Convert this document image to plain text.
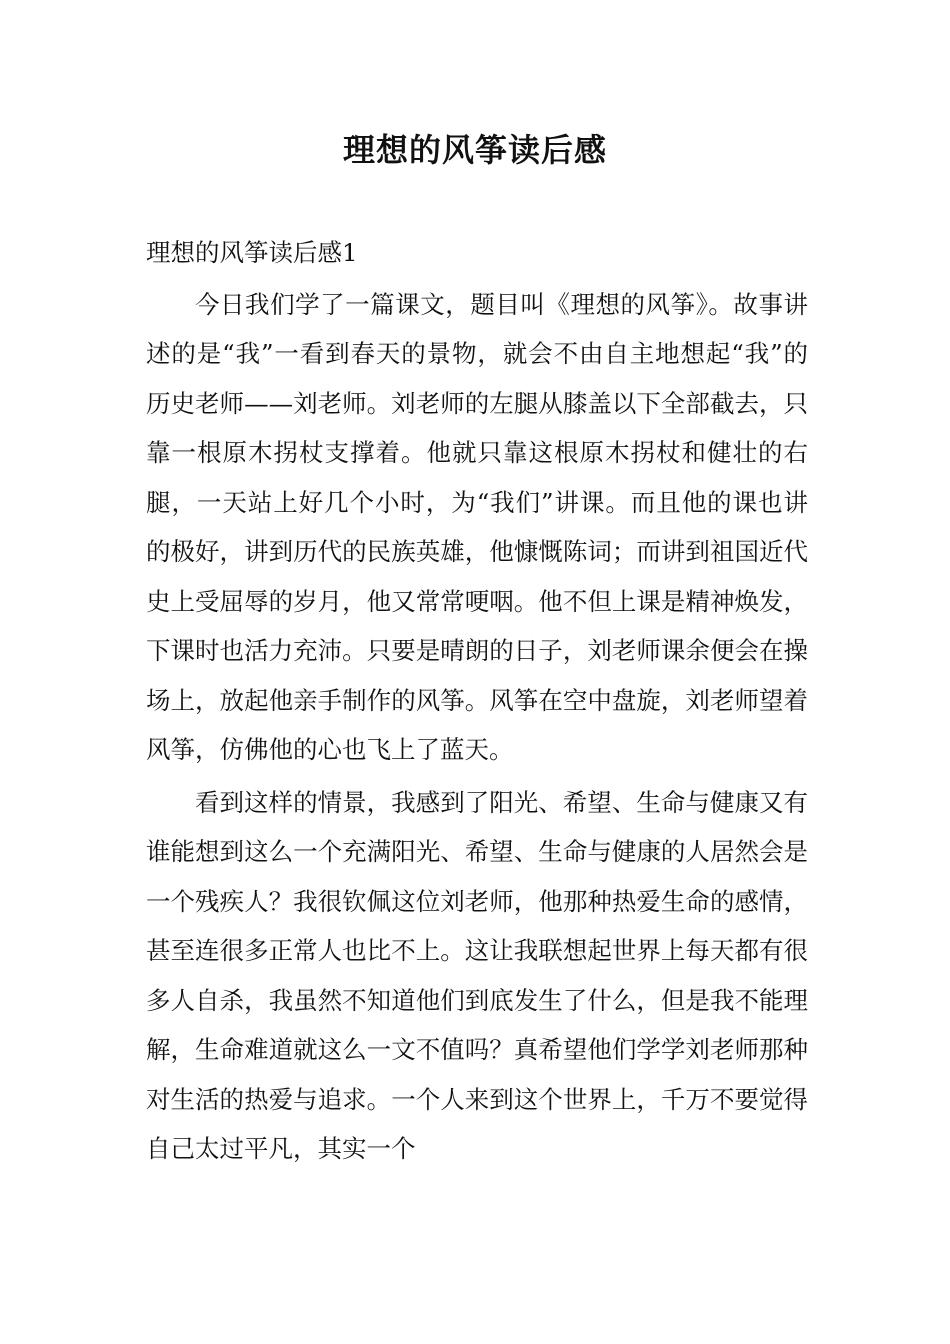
理想的风筝读后感
理想的风筝读后感1

今日我们学了一篇课文，题目叫《理想的风筝》。故事讲述的是“我”一看到春天的景物，就会不由自主地想起“我”的历史老师——刘老师。刘老师的左腿从膝盖以下全部截去，只靠一根原木拐杖支撑着。他就只靠这根原木拐杖和健壮的右腿，一天站上好几个小时，为“我们”讲课。而且他的课也讲的极好，讲到历代的民族英雄，他慷慨陈词；而讲到祖国近代史上受屈辱的岁月，他又常常哽咽。他不但上课是精神焕发，下课时也活力充沛。只要是晴朗的日子，刘老师课余便会在操场上，放起他亲手制作的风筝。风筝在空中盘旋，刘老师望着风筝，仿佛他的心也飞上了蓝天。

看到这样的情景，我感到了阳光、希望、生命与健康又有谁能想到这么一个充满阳光、希望、生命与健康的人居然会是一个残疾人？我很钦佩这位刘老师，他那种热爱生命的感情，甚至连很多正常人也比不上。这让我联想起世界上每天都有很多人自杀，我虽然不知道他们到底发生了什么，但是我不能理解，生命难道就这么一文不值吗？真希望他们学学刘老师那种对生活的热爱与追求。一个人来到这个世界上，千万不要觉得自己太过平凡，其实一个
